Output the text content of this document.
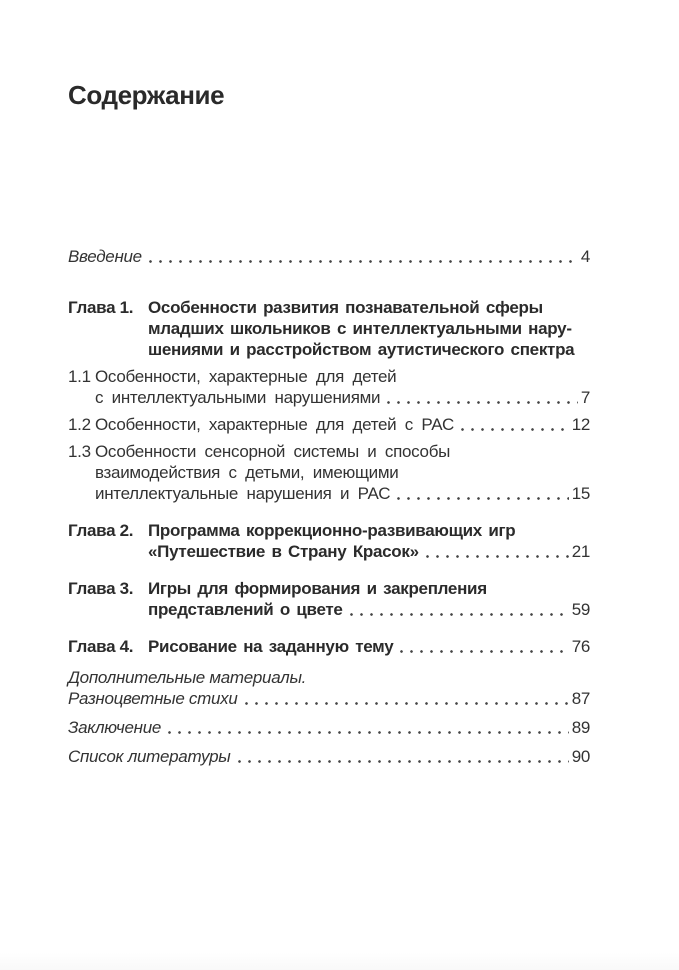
Содержание
Введение	4
Глава 1. Особенности развития познавательной сферы
младших школьников с интеллектуальными нару-
шениями и расстройством аутистического спектра
1.1 Особенности, характерные для детей
с интеллектуальными нарушениями	7
1.2 Особенности, характерные для детей с РАС	12
1.3 Особенности сенсорной системы и способы
взаимодействия с детьми, имеющими
интеллектуальные нарушения и РАС	15
Глава 2. Программа коррекционно-развивающих игр
«Путешествие в Страну Красок»	21
Глава 3. Игры для формирования и закрепления
представлений о цвете	59
Глава 4. Рисование на заданную тему	76
Дополнительные материалы.
Разноцветные стихи	87
Заключение	89
Список литературы	90
